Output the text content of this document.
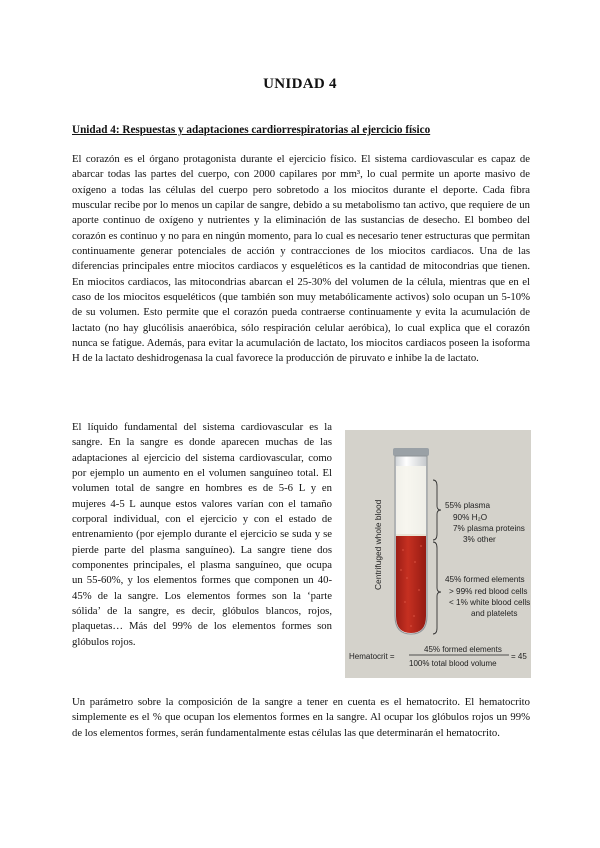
UNIDAD 4
Unidad 4: Respuestas y adaptaciones cardiorrespiratorias al ejercicio físico
El corazón es el órgano protagonista durante el ejercicio físico. El sistema cardiovascular es capaz de abarcar todas las partes del cuerpo, con 2000 capilares por mm³, lo cual permite un aporte masivo de oxígeno a todas las células del cuerpo pero sobretodo a los miocitos durante el deporte. Cada fibra muscular recibe por lo menos un capilar de sangre, debido a su metabolismo tan activo, que requiere de un aporte continuo de oxígeno y nutrientes y la eliminación de las sustancias de desecho. El bombeo del corazón es continuo y no para en ningún momento, para lo cual es necesario tener estructuras que permitan continuamente generar potenciales de acción y contracciones de los miocitos cardiacos. Una de las diferencias principales entre miocitos cardiacos y esqueléticos es la cantidad de mitocondrias que tienen. En miocitos cardiacos, las mitocondrias abarcan el 25-30% del volumen de la célula, mientras que en el caso de los miocitos esqueléticos (que también son muy metabólicamente activos) solo ocupan un 5-10% de su volumen. Esto permite que el corazón pueda contraerse continuamente y evita la acumulación de lactato (no hay glucólisis anaeróbica, sólo respiración celular aeróbica), lo cual explica que el corazón nunca se fatigue. Además, para evitar la acumulación de lactato, los miocitos cardiacos poseen la isoforma H de la lactato deshidrogenasa la cual favorece la producción de piruvato e inhibe la de lactato.
El líquido fundamental del sistema cardiovascular es la sangre. En la sangre es donde aparecen muchas de las adaptaciones al ejercicio del sistema cardiovascular, como por ejemplo un aumento en el volumen sanguíneo total. El volumen total de sangre en hombres es de 5-6 L y en mujeres 4-5 L aunque estos valores varían con el tamaño corporal individual, con el ejercicio y con el estado de entrenamiento (por ejemplo durante el ejercicio se suda y se pierde parte del plasma sanguíneo). La sangre tiene dos componentes principales, el plasma sanguíneo, que ocupa un 55-60%, y los elementos formes que componen un 40-45% de la sangre. Los elementos formes son la ‘parte sólida’ de la sangre, es decir, glóbulos blancos, rojos, plaquetas… Más del 99% de los elementos formes son glóbulos rojos.
Centrifuged whole blood	55% plasma
90% H₂O
7% plasma proteins
3% other
45% formed elements
> 99% red blood cells
< 1% white blood cells
and platelets
Hematocrit =
45% formed elements
100% total blood volume
= 45
Un parámetro sobre la composición de la sangre a tener en cuenta es el hematocrito. El hematocrito simplemente es el % que ocupan los elementos formes en la sangre. Al ocupar los glóbulos rojos un 99% de los elementos formes, serán fundamentalmente estas células las que determinarán el hematocrito.
